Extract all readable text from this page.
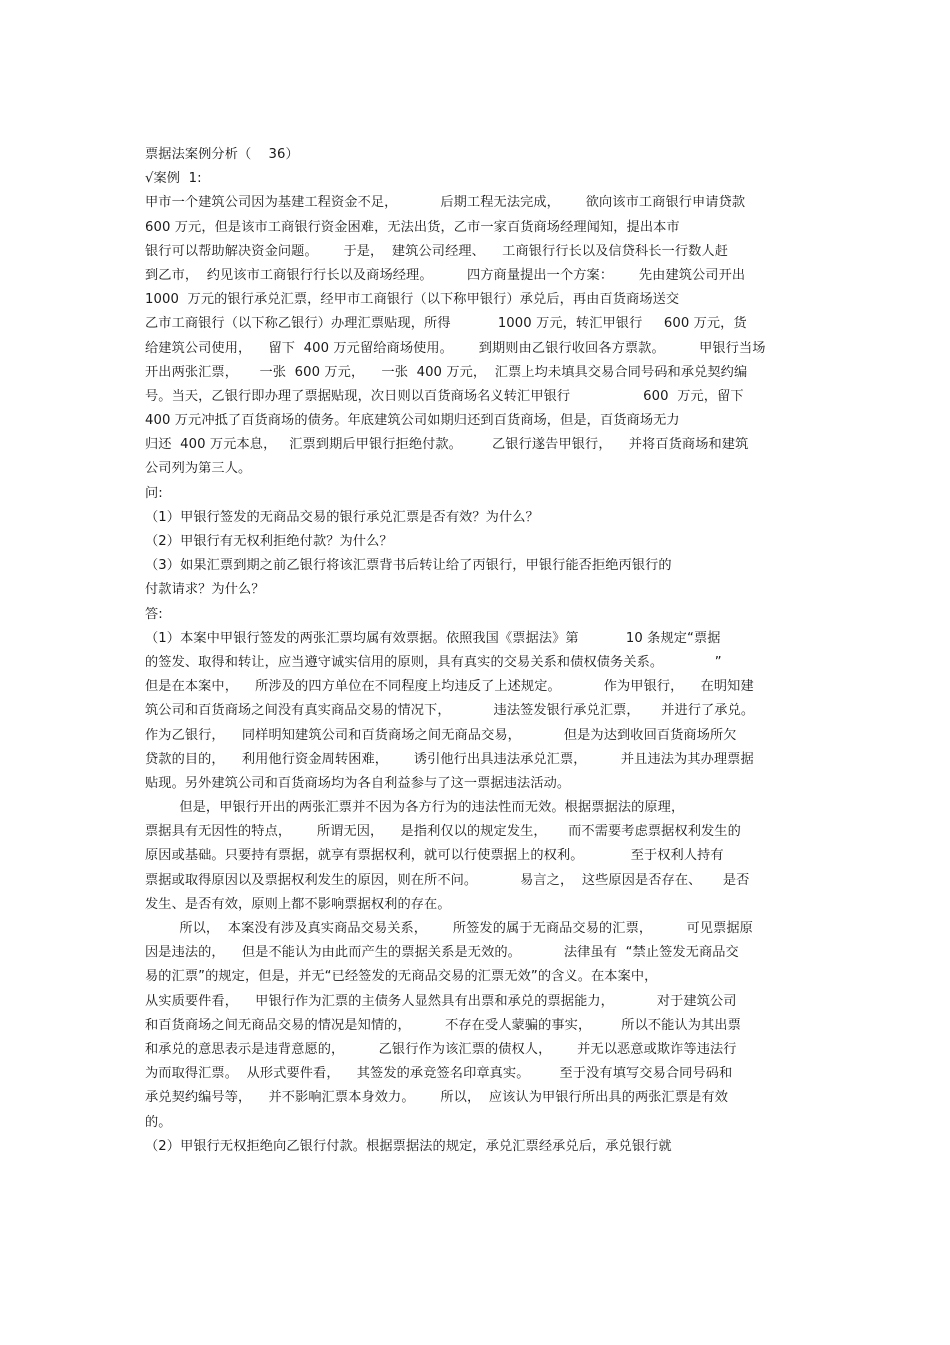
票据法案例分析（    36）
√案例  1:
甲市一个建筑公司因为基建工程资金不足，          后期工程无法完成，      欲向该市工商银行申请贷款
600 万元，但是该市工商银行资金困难，无法出货，乙市一家百货商场经理闻知，提出本市
银行可以帮助解决资金问题。      于是，  建筑公司经理、    工商银行行长以及信贷科长一行数人赶
到乙市，  约见该市工商银行行长以及商场经理。        四方商量提出一个方案：      先由建筑公司开出
1000  万元的银行承兑汇票，经甲市工商银行（以下称甲银行）承兑后，再由百货商场送交
乙市工商银行（以下称乙银行）办理汇票贴现，所得           1000 万元，转汇甲银行     600 万元，货
给建筑公司使用，    留下  400 万元留给商场使用。      到期则由乙银行收回各方票款。        甲银行当场
开出两张汇票，     一张  600 万元，    一张  400 万元，  汇票上均未填具交易合同号码和承兑契约编
号。当天，乙银行即办理了票据贴现，次日则以百货商场名义转汇甲银行                 600  万元，留下
400 万元冲抵了百货商场的债务。年底建筑公司如期归还到百货商场，但是，百货商场无力
归还  400 万元本息，   汇票到期后甲银行拒绝付款。       乙银行遂告甲银行，    并将百货商场和建筑
公司列为第三人。
问:
（1）甲银行签发的无商品交易的银行承兑汇票是否有效？为什么？
（2）甲银行有无权利拒绝付款？为什么？
（3）如果汇票到期之前乙银行将该汇票背书后转让给了丙银行，甲银行能否拒绝丙银行的
付款请求？为什么？
答:
（1）本案中甲银行签发的两张汇票均属有效票据。依照我国《票据法》第           10 条规定“票据
的签发、取得和转让，应当遵守诚实信用的原则，具有真实的交易关系和债权债务关系。            ”
但是在本案中，    所涉及的四方单位在不同程度上均违反了上述规定。          作为甲银行，    在明知建
筑公司和百货商场之间没有真实商品交易的情况下，          违法签发银行承兑汇票，     并进行了承兑。
作为乙银行，    同样明知建筑公司和百货商场之间无商品交易，          但是为达到收回百货商场所欠
贷款的目的，    利用他行资金周转困难，      诱引他行出具违法承兑汇票，        并且违法为其办理票据
贴现。另外建筑公司和百货商场均为各自利益参与了这一票据违法活动。
但是，甲银行开出的两张汇票并不因为各方行为的违法性而无效。根据票据法的原理，
票据具有无因性的特点，      所谓无因，    是指利仅以的规定发生，     而不需要考虑票据权利发生的
原因或基础。只要持有票据，就享有票据权利，就可以行使票据上的权利。           至于权利人持有
票据或取得原因以及票据权利发生的原因，则在所不问。          易言之，  这些原因是否存在、     是否
发生、是否有效，原则上都不影响票据权利的存在。
所以，  本案没有涉及真实商品交易关系，      所签发的属于无商品交易的汇票，        可见票据原
因是违法的，    但是不能认为由此而产生的票据关系是无效的。          法律虽有  “禁止签发无商品交
易的汇票”的规定，但是，并无“已经签发的无商品交易的汇票无效”的含义。在本案中，
从实质要件看，    甲银行作为汇票的主债务人显然具有出票和承兑的票据能力，          对于建筑公司
和百货商场之间无商品交易的情况是知情的，        不存在受人蒙骗的事实，       所以不能认为其出票
和承兑的意思表示是违背意愿的，        乙银行作为该汇票的债权人，      并无以恶意或欺诈等违法行
为而取得汇票。  从形式要件看，    其签发的承竞签名印章真实。       至于没有填写交易合同号码和
承兑契约编号等，    并不影响汇票本身效力。      所以，  应该认为甲银行所出具的两张汇票是有效
的。
（2）甲银行无权拒绝向乙银行付款。根据票据法的规定，承兑汇票经承兑后，承兑银行就
